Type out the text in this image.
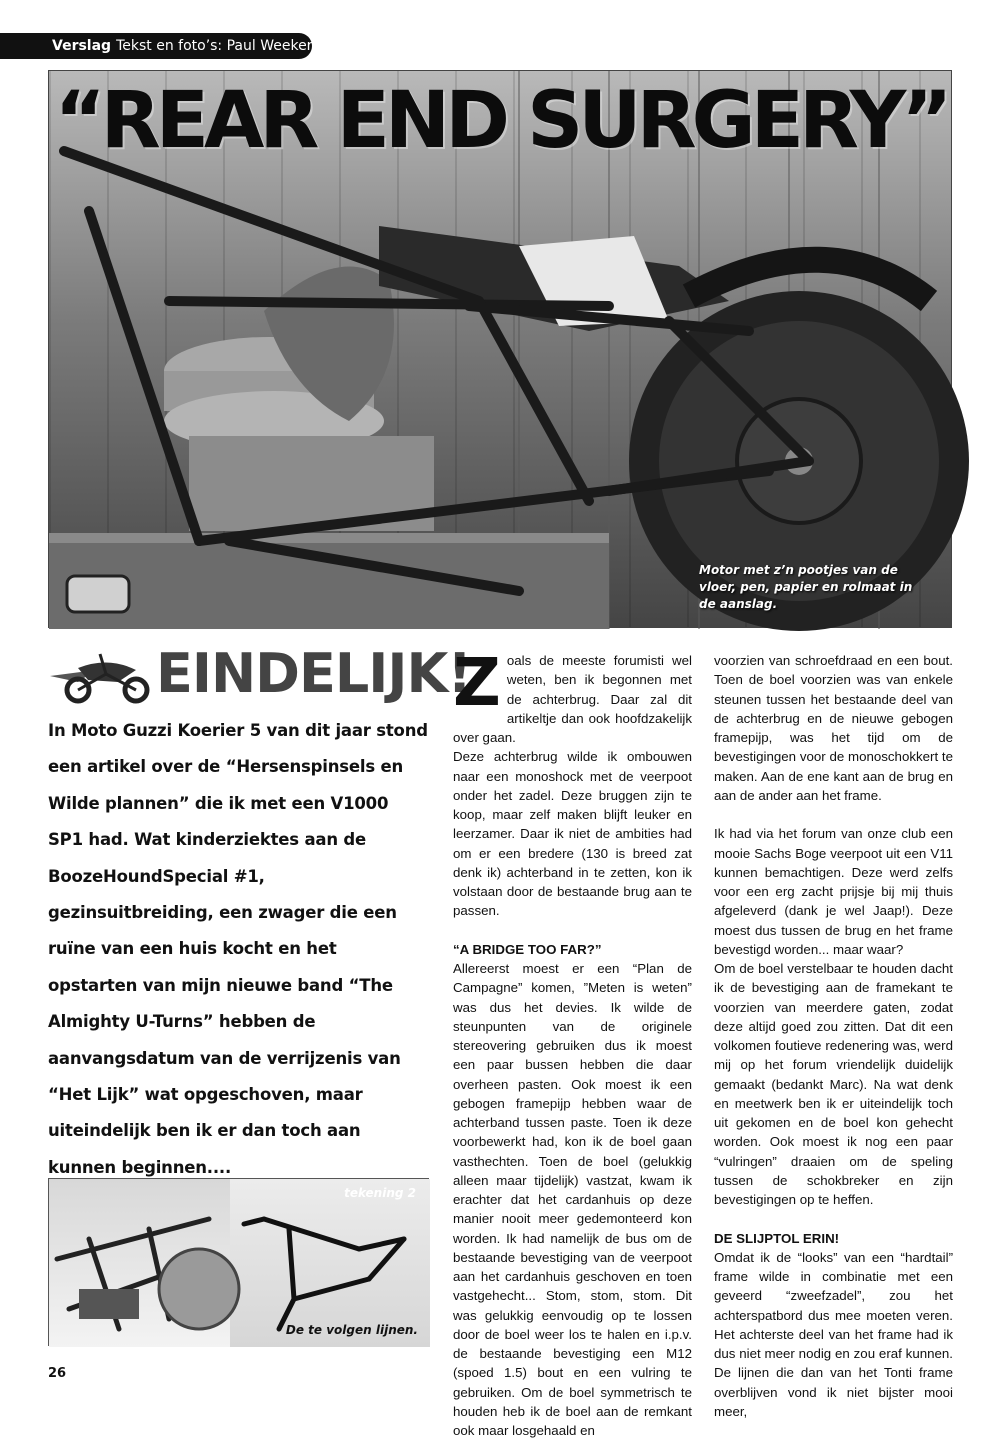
Verslag Tekst en foto’s: Paul Weekers
“REAR END SURGERY”
Motor met z’n pootjes van de vloer, pen, papier en rolmaat in de aanslag.
EINDELIJK!
In Moto Guzzi Koerier 5 van dit jaar stond een artikel over de “Hersenspinsels en Wilde plannen” die ik met een V1000 SP1 had. Wat kinderziektes aan de BoozeHoundSpecial #1, gezinsuitbreiding, een zwager die een ruïne van een huis kocht en het opstarten van mijn nieuwe band “The Almighty U-Turns” hebben de aanvangsdatum van de verrijzenis van “Het Lijk” wat opgeschoven, maar uiteindelijk ben ik er dan toch aan kunnen beginnen....
tekening 2
De te volgen lijnen.

Zoals de meeste forumisti wel weten, ben ik begonnen met de achterbrug. Daar zal dit artikeltje dan ook hoofdzakelijk over gaan.

Deze achterbrug wilde ik ombouwen naar een monoshock met de veerpoot onder het zadel. Deze bruggen zijn te koop, maar zelf maken blijft leuker en leerzamer. Daar ik niet de ambities had om er een bredere (130 is breed zat denk ik) achterband in te zetten, kon ik volstaan door de bestaande brug aan te passen.

“A BRIDGE TOO FAR?”

Allereerst moest er een “Plan de Campagne” komen, ”Meten is weten” was dus het devies. Ik wilde de steunpunten van de originele stereovering gebruiken dus ik moest een paar bussen hebben die daar overheen pasten. Ook moest ik een gebogen framepijp hebben waar de achterband tussen paste. Toen ik deze voorbewerkt had, kon ik de boel gaan vasthechten. Toen de boel (gelukkig alleen maar tijdelijk) vastzat, kwam ik erachter dat het cardanhuis op deze manier nooit meer gedemonteerd kon worden. Ik had namelijk de bus om de bestaande bevestiging van de veerpoot aan het cardanhuis geschoven en toen vastgehecht... Stom, stom, stom. Dit was gelukkig eenvoudig op te lossen door de boel weer los te halen en i.p.v. de bestaande bevestiging een M12 (spoed 1.5) bout en een vulring te gebruiken. Om de boel symmetrisch te houden heb ik de boel aan de remkant ook maar losgehaald en

voorzien van schroefdraad en een bout. Toen de boel voorzien was van enkele steunen tussen het bestaande deel van de achterbrug en de nieuwe gebogen framepijp, was het tijd om de bevestigingen voor de monoschokkert te maken. Aan de ene kant aan de brug en aan de ander aan het frame.

Ik had via het forum van onze club een mooie Sachs Boge veerpoot uit een V11 kunnen bemachtigen. Deze werd zelfs voor een erg zacht prijsje bij mij thuis afgeleverd (dank je wel Jaap!). Deze moest dus tussen de brug en het frame bevestigd worden... maar waar?

Om de boel verstelbaar te houden dacht ik de bevestiging aan de framekant te voorzien van meerdere gaten, zodat deze altijd goed zou zitten. Dat dit een volkomen foutieve redenering was, werd mij op het forum vriendelijk duidelijk gemaakt (bedankt Marc). Na wat denk en meetwerk ben ik er uiteindelijk toch uit gekomen en de boel kon gehecht worden. Ook moest ik nog een paar “vulringen” draaien om de speling tussen de schokbreker en zijn bevestigingen op te heffen.

DE SLIJPTOL ERIN!

Omdat ik de “looks” van een “hardtail” frame wilde in combinatie met een geveerd “zweefzadel”, zou het achterspatbord dus mee moeten veren. Het achterste deel van het frame had ik dus niet meer nodig en zou eraf kunnen. De lijnen die dan van het Tonti frame overblijven vond ik niet bijster mooi meer,

26
